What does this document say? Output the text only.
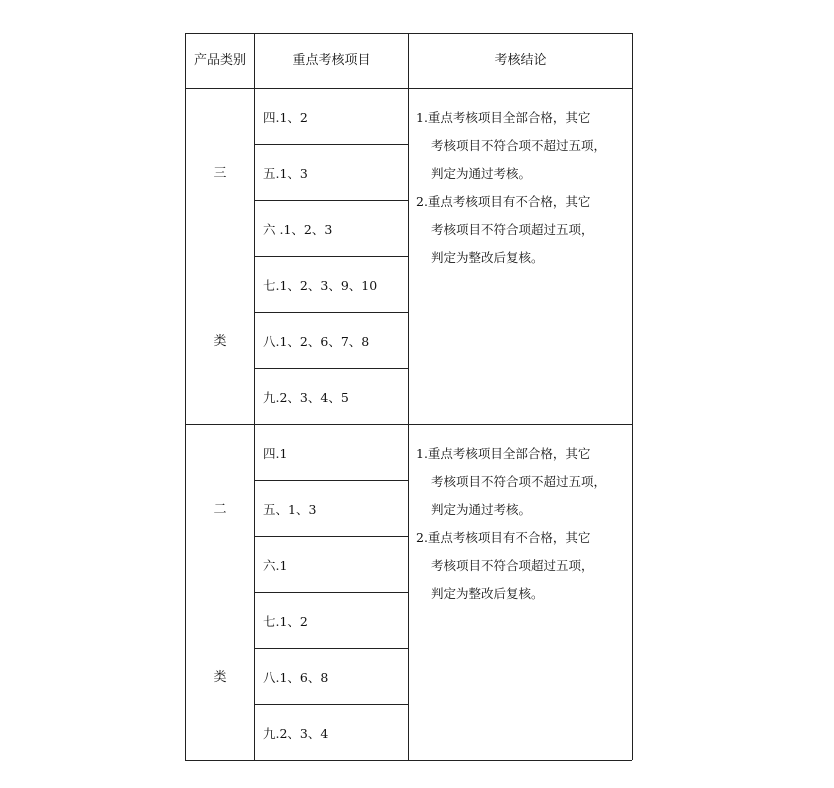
产品类别	重点考核项目	考核结论
三
类
四.1、2
五.1、3
六 .1、2、3
七.1、2、3、9、10
八.1、2、6、7、8
九.2、3、4、5
1.重点考核项目全部合格，其它
考核项目不符合项不超过五项，
判定为通过考核。
2.重点考核项目有不合格，其它
考核项目不符合项超过五项，
判定为整改后复核。
二
类
四.1
五、1、3
六.1
七.1、2
八.1、6、8
九.2、3、4
1.重点考核项目全部合格，其它
考核项目不符合项不超过五项，
判定为通过考核。
2.重点考核项目有不合格，其它
考核项目不符合项超过五项，
判定为整改后复核。
